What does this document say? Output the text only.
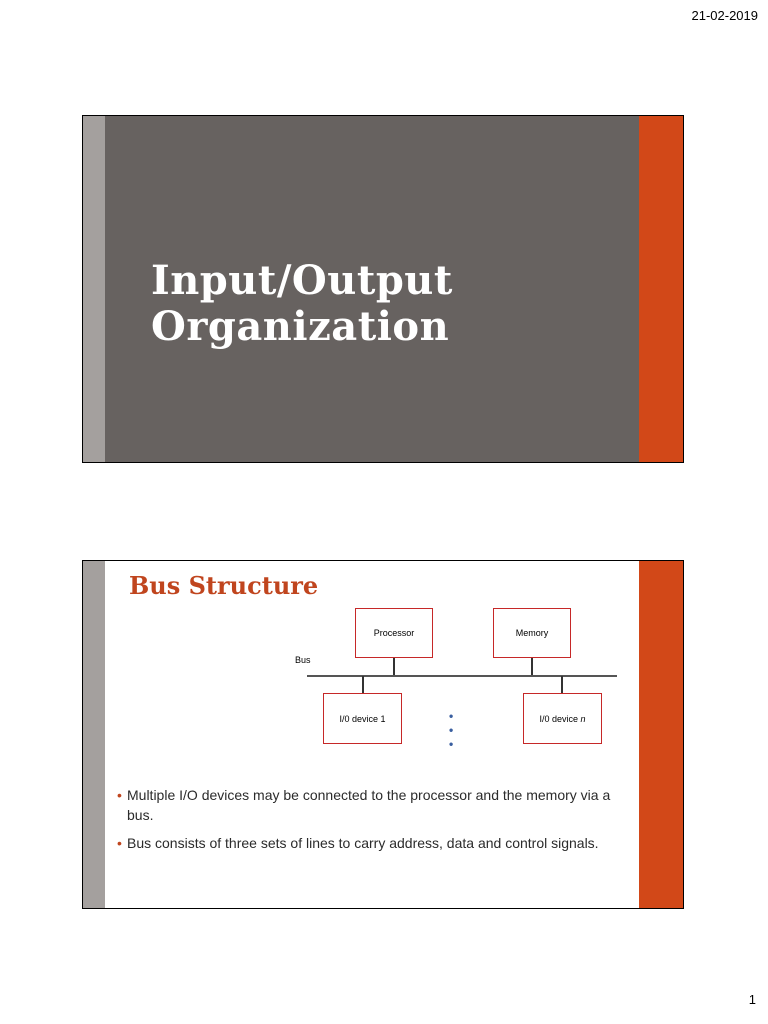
21-02-2019
Input/Output
Organization
Bus Structure
Processor	Memory
Bus
I/0 device 1	• • •
I/0 device n
• Multiple I/O devices may be connected to the processor and the memory via a bus.
• Bus consists of three sets of lines to carry address, data and control signals.
1
